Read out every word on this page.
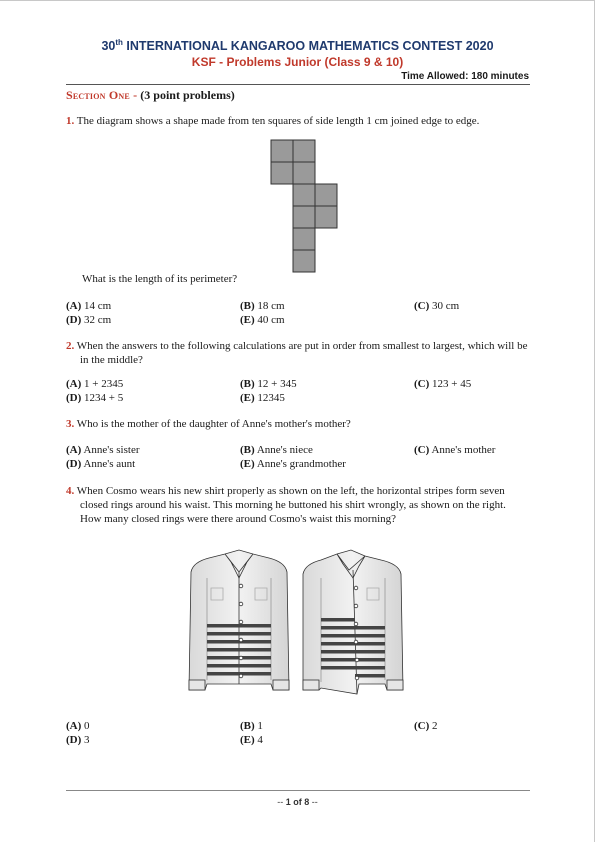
30th INTERNATIONAL KANGAROO MATHEMATICS CONTEST 2020
KSF - Problems Junior (Class 9 & 10)
Time Allowed: 180 minutes
Section One - (3 point problems)
1. The diagram shows a shape made from ten squares of side length 1 cm joined edge to edge.
What is the length of its perimeter?
(A) 14 cm	(B) 18 cm	(C) 30 cm
(D) 32 cm	(E) 40 cm
2. When the answers to the following calculations are put in order from smallest to largest, which will be in the middle?
(A) 1 + 2345	(B) 12 + 345	(C) 123 + 45
(D) 1234 + 5	(E) 12345
3. Who is the mother of the daughter of Anne's mother's mother?
(A) Anne's sister	(B) Anne's niece	(C) Anne's mother
(D) Anne's aunt	(E) Anne's grandmother
4. When Cosmo wears his new shirt properly as shown on the left, the horizontal stripes form seven closed rings around his waist. This morning he buttoned his shirt wrongly, as shown on the right. How many closed rings were there around Cosmo's waist this morning?
(A) 0	(B) 1	(C) 2
(D) 3	(E) 4
-- 1 of 8 --
